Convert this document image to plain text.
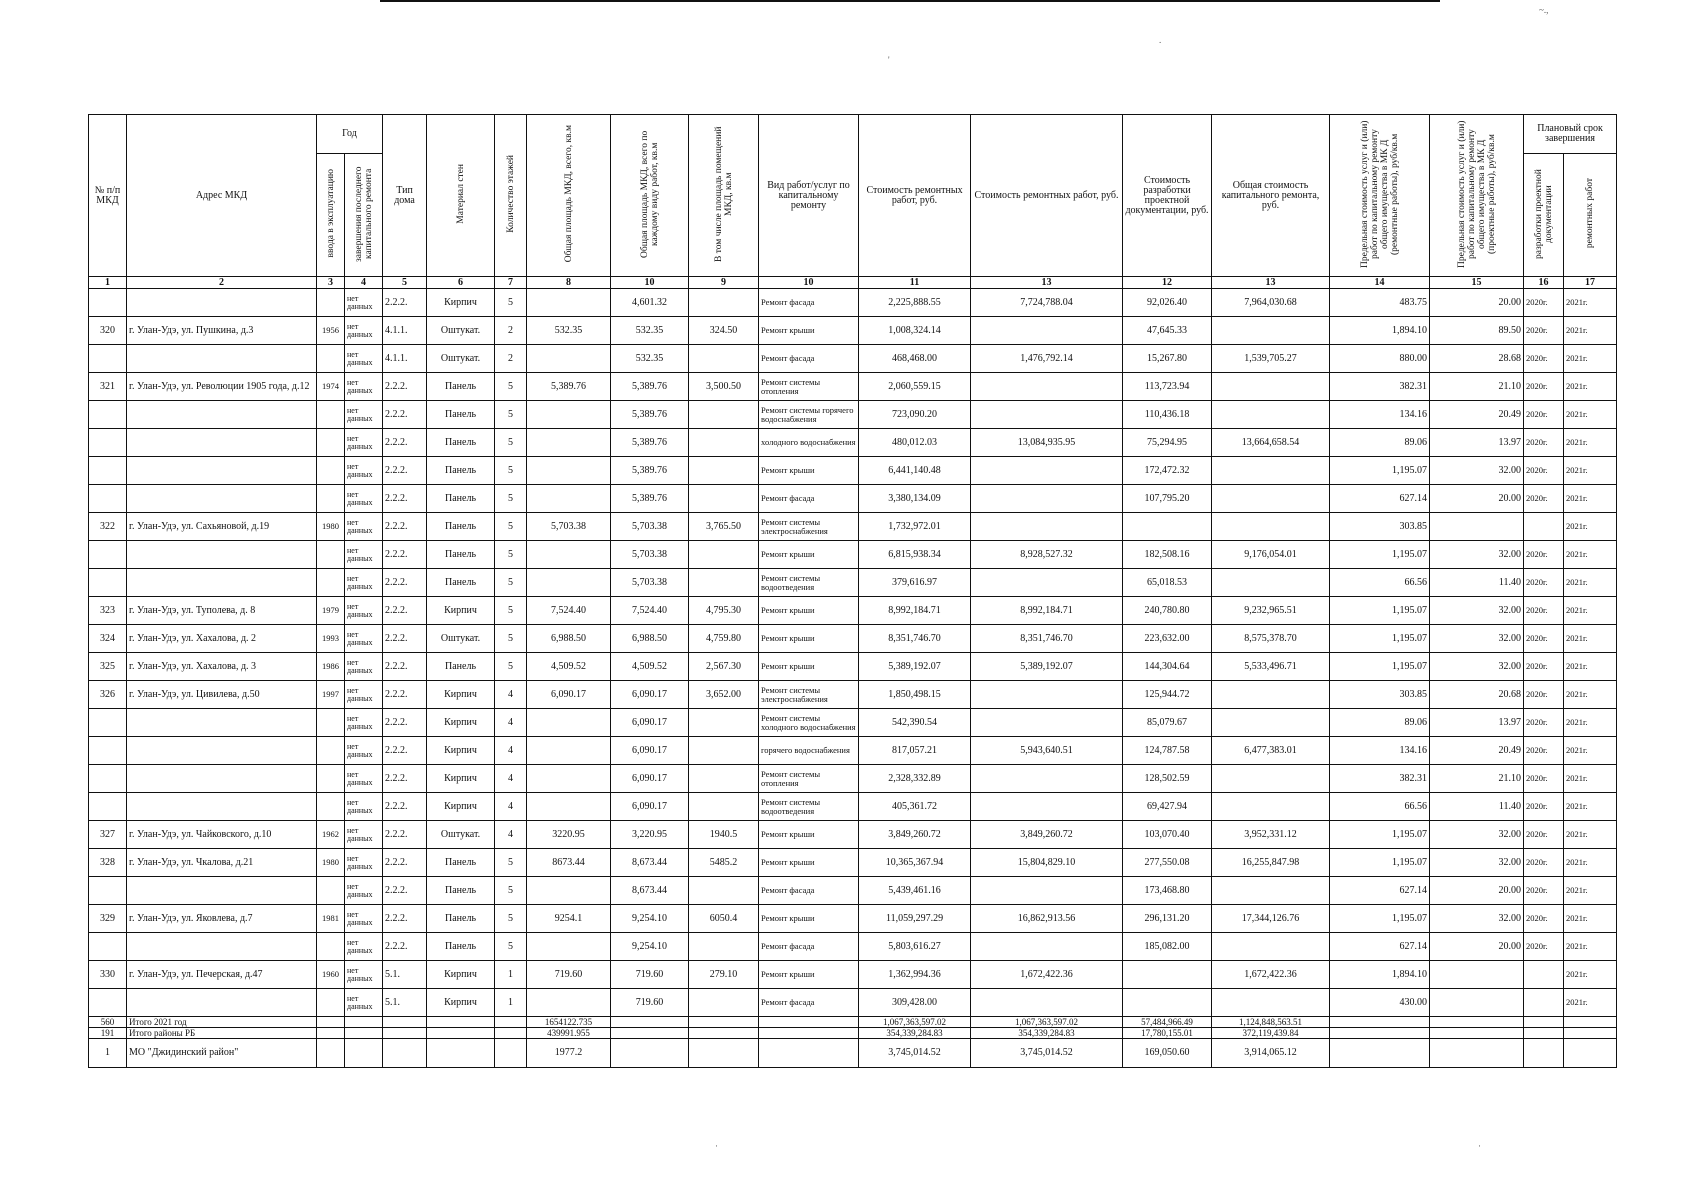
~.,
№ п/п МКД	Адрес МКД	Год		Тип дома	Материал стен	Количество этажей	Общая площадь МКД, всего, кв.м	Общая площадь МКД, всего по каждому виду работ, кв.м	В том числе площадь помещений МКД, кв.м	Вид работ/услуг по капитальному ремонту	Стоимость ремонтных работ, руб.	Стоимость ремонтных работ, руб.	Стоимость разработки проектной документации, руб.	Общая стоимость капитального ремонта, руб.	Предельная стоимость услуг и (или) работ по капитальному ремонту общего имущества в МК Д (ремонтные работы), руб/кв.м	Предельная стоимость услуг и (или) работ по капитальному ремонту общего имущества в МК Д (проектные работы), руб/кв.м	Плановый срок завершения	
		ввода в эксплуатацию	завершения последнего капитального ремонта														разработки проектной документации	ремонтных работ
1	2	3	4	5	6	7	8	10	9	10	11	13	12	13	14	15	16	17
			нет данных	2.2.2.	Кирпич	5		4,601.32		Ремонт фасада	2,225,888.55	7,724,788.04	92,026.40	7,964,030.68	483.75	20.00	2020г.	2021г.
320	г. Улан-Удэ, ул. Пушкина, д.3	1956	нет данных	4.1.1.	Оштукат.	2	532.35	532.35	324.50	Ремонт крыши	1,008,324.14		47,645.33		1,894.10	89.50	2020г.	2021г.
			нет данных	4.1.1.	Оштукат.	2		532.35		Ремонт фасада	468,468.00	1,476,792.14	15,267.80	1,539,705.27	880.00	28.68	2020г.	2021г.
321	г. Улан-Удэ, ул. Революции 1905 года, д.12	1974	нет данных	2.2.2.	Панель	5	5,389.76	5,389.76	3,500.50	Ремонт системы отопления	2,060,559.15		113,723.94		382.31	21.10	2020г.	2021г.
			нет данных	2.2.2.	Панель	5		5,389.76		Ремонт системы горячего водоснабжения	723,090.20		110,436.18		134.16	20.49	2020г.	2021г.
			нет данных	2.2.2.	Панель	5		5,389.76		холодного водоснабжения	480,012.03	13,084,935.95	75,294.95	13,664,658.54	89.06	13.97	2020г.	2021г.
			нет данных	2.2.2.	Панель	5		5,389.76		Ремонт крыши	6,441,140.48		172,472.32		1,195.07	32.00	2020г.	2021г.
			нет данных	2.2.2.	Панель	5		5,389.76		Ремонт фасада	3,380,134.09		107,795.20		627.14	20.00	2020г.	2021г.
322	г. Улан-Удэ, ул. Сахьяновой, д.19	1980	нет данных	2.2.2.	Панель	5	5,703.38	5,703.38	3,765.50	Ремонт системы электроснабжения	1,732,972.01				303.85			2021г.
			нет данных	2.2.2.	Панель	5		5,703.38		Ремонт крыши	6,815,938.34	8,928,527.32	182,508.16	9,176,054.01	1,195.07	32.00	2020г.	2021г.
			нет данных	2.2.2.	Панель	5		5,703.38		Ремонт системы водоотведения	379,616.97		65,018.53		66.56	11.40	2020г.	2021г.
323	г. Улан-Удэ, ул. Туполева, д. 8	1979	нет данных	2.2.2.	Кирпич	5	7,524.40	7,524.40	4,795.30	Ремонт крыши	8,992,184.71	8,992,184.71	240,780.80	9,232,965.51	1,195.07	32.00	2020г.	2021г.
324	г. Улан-Удэ, ул. Хахалова, д. 2	1993	нет данных	2.2.2.	Оштукат.	5	6,988.50	6,988.50	4,759.80	Ремонт крыши	8,351,746.70	8,351,746.70	223,632.00	8,575,378.70	1,195.07	32.00	2020г.	2021г.
325	г. Улан-Удэ, ул. Хахалова, д. 3	1986	нет данных	2.2.2.	Панель	5	4,509.52	4,509.52	2,567.30	Ремонт крыши	5,389,192.07	5,389,192.07	144,304.64	5,533,496.71	1,195.07	32.00	2020г.	2021г.
326	г. Улан-Удэ, ул. Цивилева, д.50	1997	нет данных	2.2.2.	Кирпич	4	6,090.17	6,090.17	3,652.00	Ремонт системы электроснабжения	1,850,498.15		125,944.72		303.85	20.68	2020г.	2021г.
			нет данных	2.2.2.	Кирпич	4		6,090.17		Ремонт системы холодного водоснабжения	542,390.54		85,079.67		89.06	13.97	2020г.	2021г.
			нет данных	2.2.2.	Кирпич	4		6,090.17		горячего водоснабжения	817,057.21	5,943,640.51	124,787.58	6,477,383.01	134.16	20.49	2020г.	2021г.
			нет данных	2.2.2.	Кирпич	4		6,090.17		Ремонт системы отопления	2,328,332.89		128,502.59		382.31	21.10	2020г.	2021г.
			нет данных	2.2.2.	Кирпич	4		6,090.17		Ремонт системы водоотведения	405,361.72		69,427.94		66.56	11.40	2020г.	2021г.
327	г. Улан-Удэ, ул. Чайковского, д.10	1962	нет данных	2.2.2.	Оштукат.	4	3220.95	3,220.95	1940.5	Ремонт крыши	3,849,260.72	3,849,260.72	103,070.40	3,952,331.12	1,195.07	32.00	2020г.	2021г.
328	г. Улан-Удэ, ул. Чкалова, д.21	1980	нет данных	2.2.2.	Панель	5	8673.44	8,673.44	5485.2	Ремонт крыши	10,365,367.94	15,804,829.10	277,550.08	16,255,847.98	1,195.07	32.00	2020г.	2021г.
			нет данных	2.2.2.	Панель	5		8,673.44		Ремонт фасада	5,439,461.16		173,468.80		627.14	20.00	2020г.	2021г.
329	г. Улан-Удэ, ул. Яковлева, д.7	1981	нет данных	2.2.2.	Панель	5	9254.1	9,254.10	6050.4	Ремонт крыши	11,059,297.29	16,862,913.56	296,131.20	17,344,126.76	1,195.07	32.00	2020г.	2021г.
			нет данных	2.2.2.	Панель	5		9,254.10		Ремонт фасада	5,803,616.27		185,082.00		627.14	20.00	2020г.	2021г.
330	г. Улан-Удэ, ул. Печерская, д.47	1960	нет данных	5.1.	Кирпич	1	719.60	719.60	279.10	Ремонт крыши	1,362,994.36	1,672,422.36		1,672,422.36	1,894.10			2021г.
			нет данных	5.1.	Кирпич	1		719.60		Ремонт фасада	309,428.00				430.00			2021г.
560	Итого 2021 год						1654122.735				1,067,363,597.02	1,067,363,597.02	57,484,966.49	1,124,848,563.51				
191	Итого районы РБ						439991.955				354,339,284.83	354,339,284.83	17,780,155.01	372,119,439.84				
1	МО "Джидинский район"						1977.2				3,745,014.52	3,745,014.52	169,050.60	3,914,065.12				
'
.
·	·
